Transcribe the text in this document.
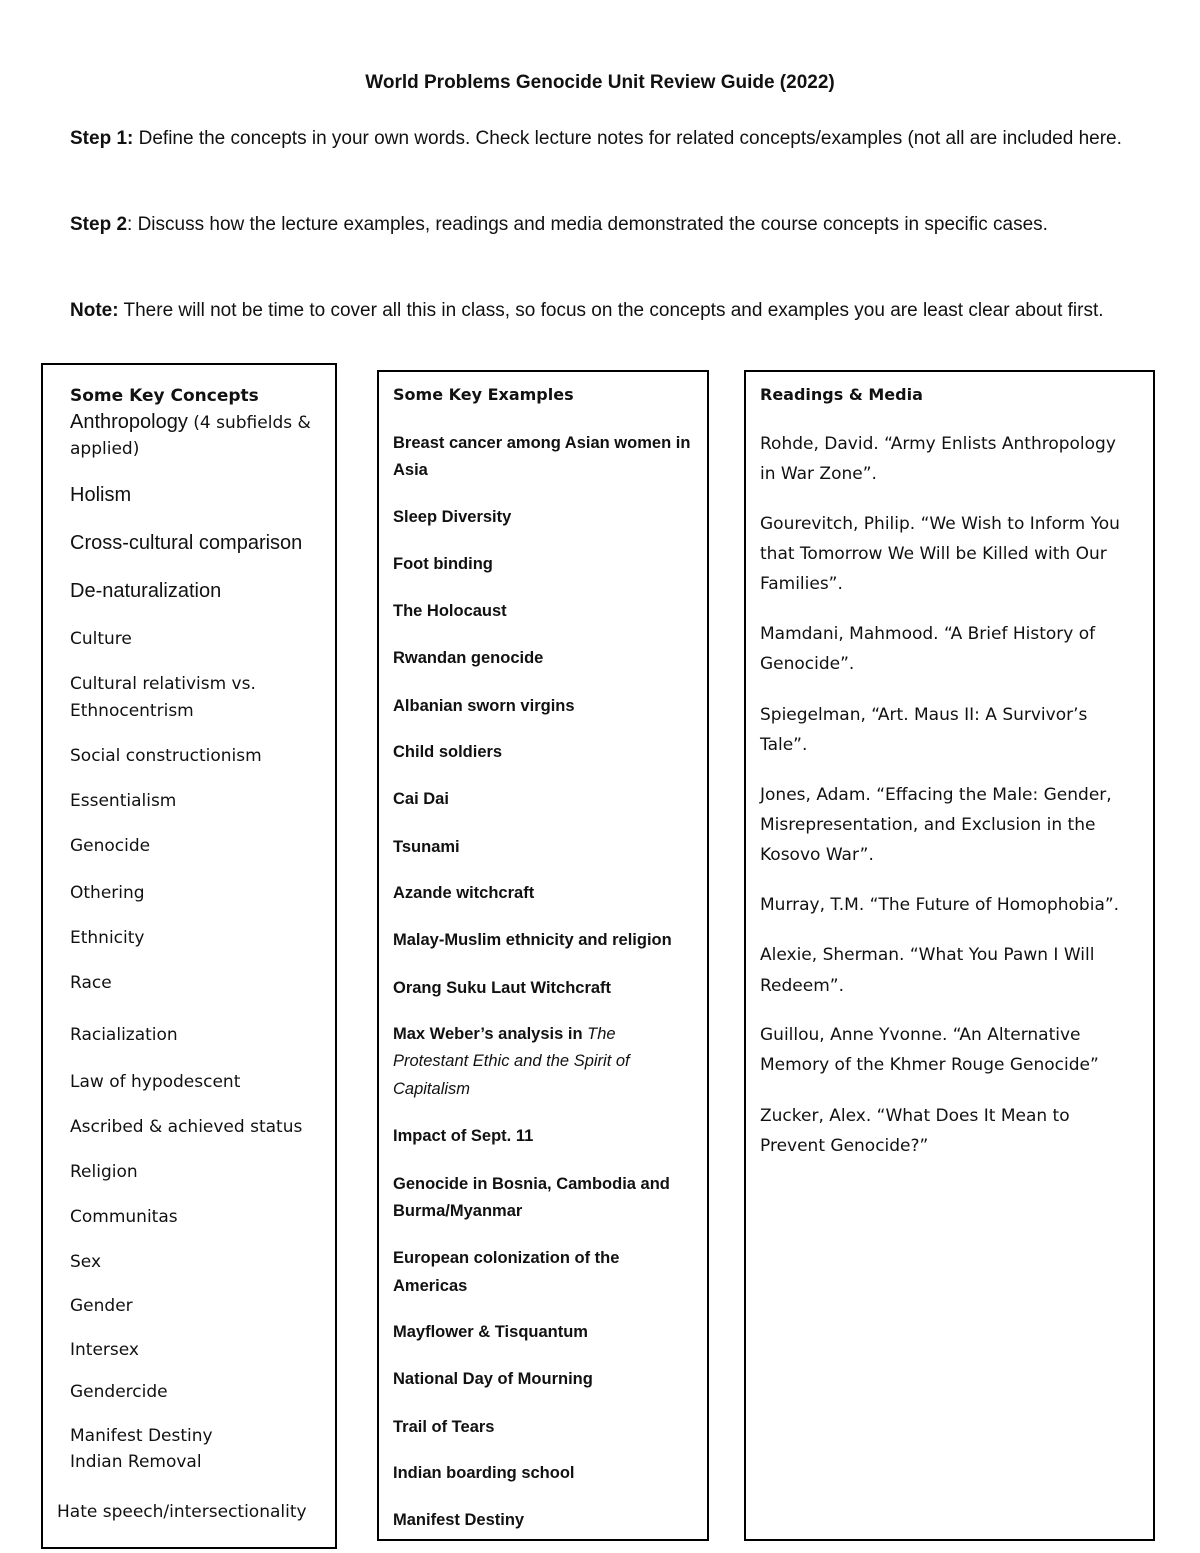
World Problems Genocide Unit Review Guide (2022)
Step 1: Define the concepts in your own words. Check lecture notes for related concepts/examples (not all are included here.
Step 2: Discuss how the lecture examples, readings and media demonstrated the course concepts in specific cases.
Note: There will not be time to cover all this in class, so focus on the concepts and examples you are least clear about first.
Some Key Concepts
Anthropology (4 subfields &
applied)
Holism
Cross-cultural comparison
De-naturalization
Culture
Cultural relativism vs.
Ethnocentrism
Social constructionism
Essentialism
Genocide
Othering
Ethnicity
Race
Racialization
Law of hypodescent
Ascribed & achieved status
Religion
Communitas
Sex
Gender
Intersex
Gendercide
Manifest Destiny
Indian Removal
Hate speech/intersectionality
Some Key Examples
Breast cancer among Asian women in
Asia
Sleep Diversity
Foot binding
The Holocaust
Rwandan genocide
Albanian sworn virgins
Child soldiers
Cai Dai
Tsunami
Azande witchcraft
Malay-Muslim ethnicity and religion
Orang Suku Laut Witchcraft
Max Weber’s analysis in The
Protestant Ethic and the Spirit of
Capitalism
Impact of Sept. 11
Genocide in Bosnia, Cambodia and
Burma/Myanmar
European colonization of the
Americas
Mayflower & Tisquantum
National Day of Mourning
Trail of Tears
Indian boarding school
Manifest Destiny
Readings & Media
Rohde, David. “Army Enlists Anthropology
in War Zone”.
Gourevitch, Philip. “We Wish to Inform You
that Tomorrow We Will be Killed with Our
Families”.
Mamdani, Mahmood. “A Brief History of
Genocide”.
Spiegelman, “Art. Maus II: A Survivor’s
Tale”.
Jones, Adam. “Effacing the Male: Gender,
Misrepresentation, and Exclusion in the
Kosovo War”.
Murray, T.M. “The Future of Homophobia”.
Alexie, Sherman. “What You Pawn I Will
Redeem”.
Guillou, Anne Yvonne. “An Alternative
Memory of the Khmer Rouge Genocide”
Zucker, Alex. “What Does It Mean to
Prevent Genocide?”
